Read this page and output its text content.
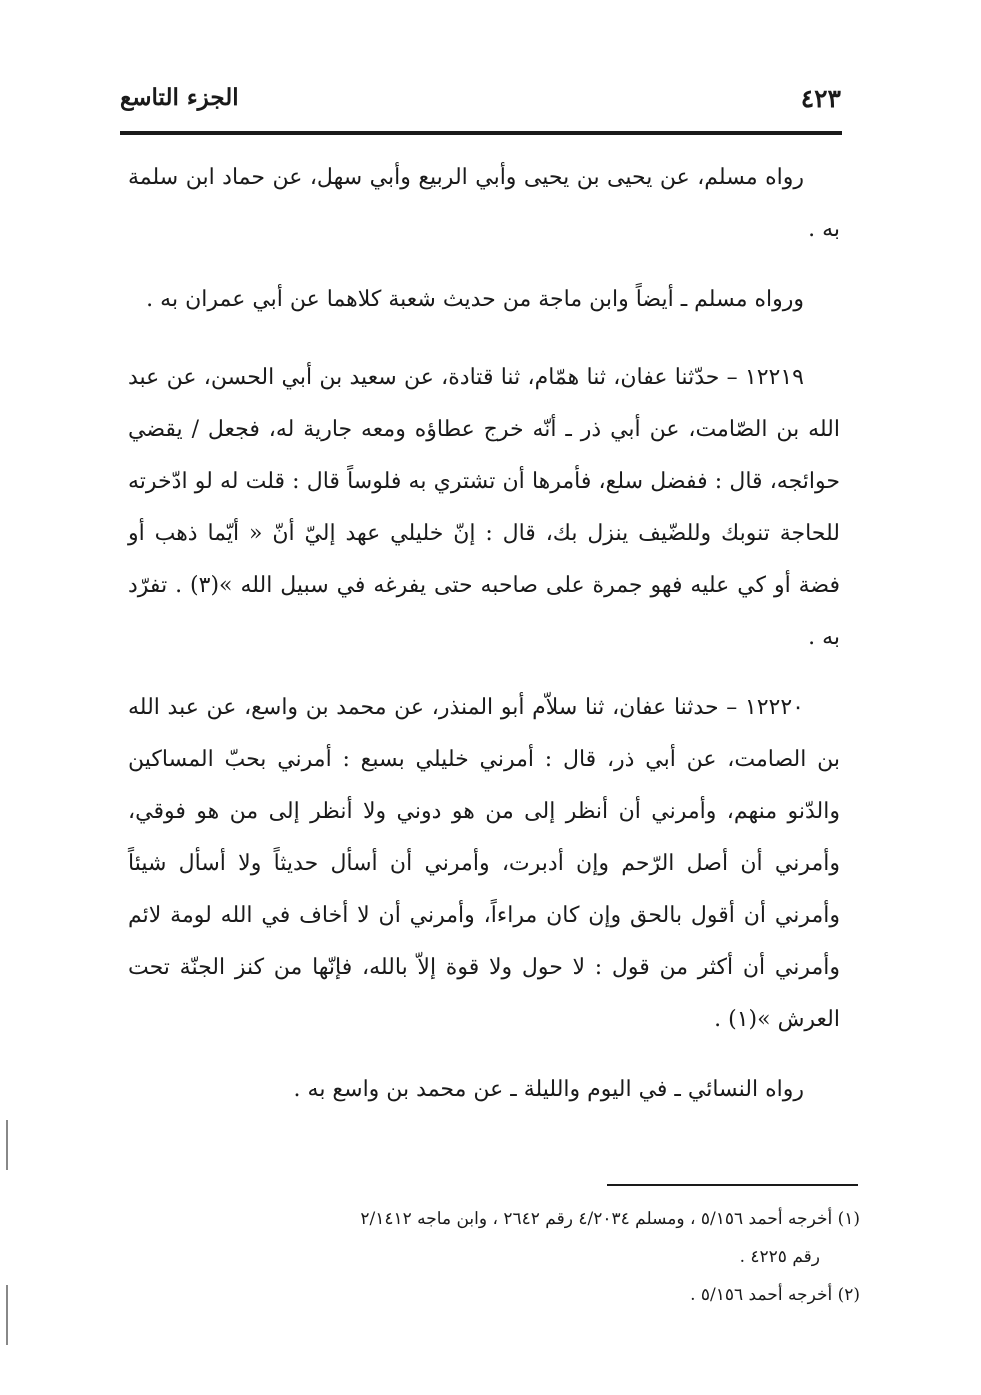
٤٢٣
الجزء التاسع

رواه مسلم، عن يحيى بن يحيى وأبي الربيع وأبي سهل، عن حماد ابن سلمة به .

ورواه مسلم ـ أيضاً وابن ماجة من حديث شعبة كلاهما عن أبي عمران به .

١٢٢١٩ – حدّثنا عفان، ثنا همّام، ثنا قتادة، عن سعيد بن أبي الحسن، عن عبد الله بن الصّامت، عن أبي ذر ـ أنّه خرج عطاؤه ومعه جارية له، فجعل / يقضي حوائجه، قال : ففضل سلع، فأمرها أن تشتري به فلوساً قال : قلت له لو ادّخرته للحاجة تنوبك وللضّيف ينزل بك، قال : إنّ خليلي عهد إليّ أنّ « أيّما ذهب أو فضة أو كي عليه فهو جمرة على صاحبه حتى يفرغه في سبيل الله »(٣) . تفرّد به .

١٢٢٢٠ – حدثنا عفان، ثنا سلاّم أبو المنذر، عن محمد بن واسع، عن عبد الله بن الصامت، عن أبي ذر، قال : أمرني خليلي بسبع : أمرني بحبّ المساكين والدّنو منهم، وأمرني أن أنظر إلى من هو دوني ولا أنظر إلى من هو فوقي، وأمرني أن أصل الرّحم وإن أدبرت، وأمرني أن أسأل حديثاً ولا أسأل شيئاً وأمرني أن أقول بالحق وإن كان مراءاً، وأمرني أن لا أخاف في الله لومة لائم وأمرني أن أكثر من قول : لا حول ولا قوة إلاّ بالله، فإنّها من كنز الجنّة تحت العرش »(١) .

رواه النسائي ـ في اليوم والليلة ـ عن محمد بن واسع به .

(١) أخرجه أحمد ٥/١٥٦ ، ومسلم ٤/٢٠٣٤ رقم ٢٦٤٢ ، وابن ماجه ٢/١٤١٢

رقم ٤٢٢٥ .

(٢) أخرجه أحمد ٥/١٥٦ .
